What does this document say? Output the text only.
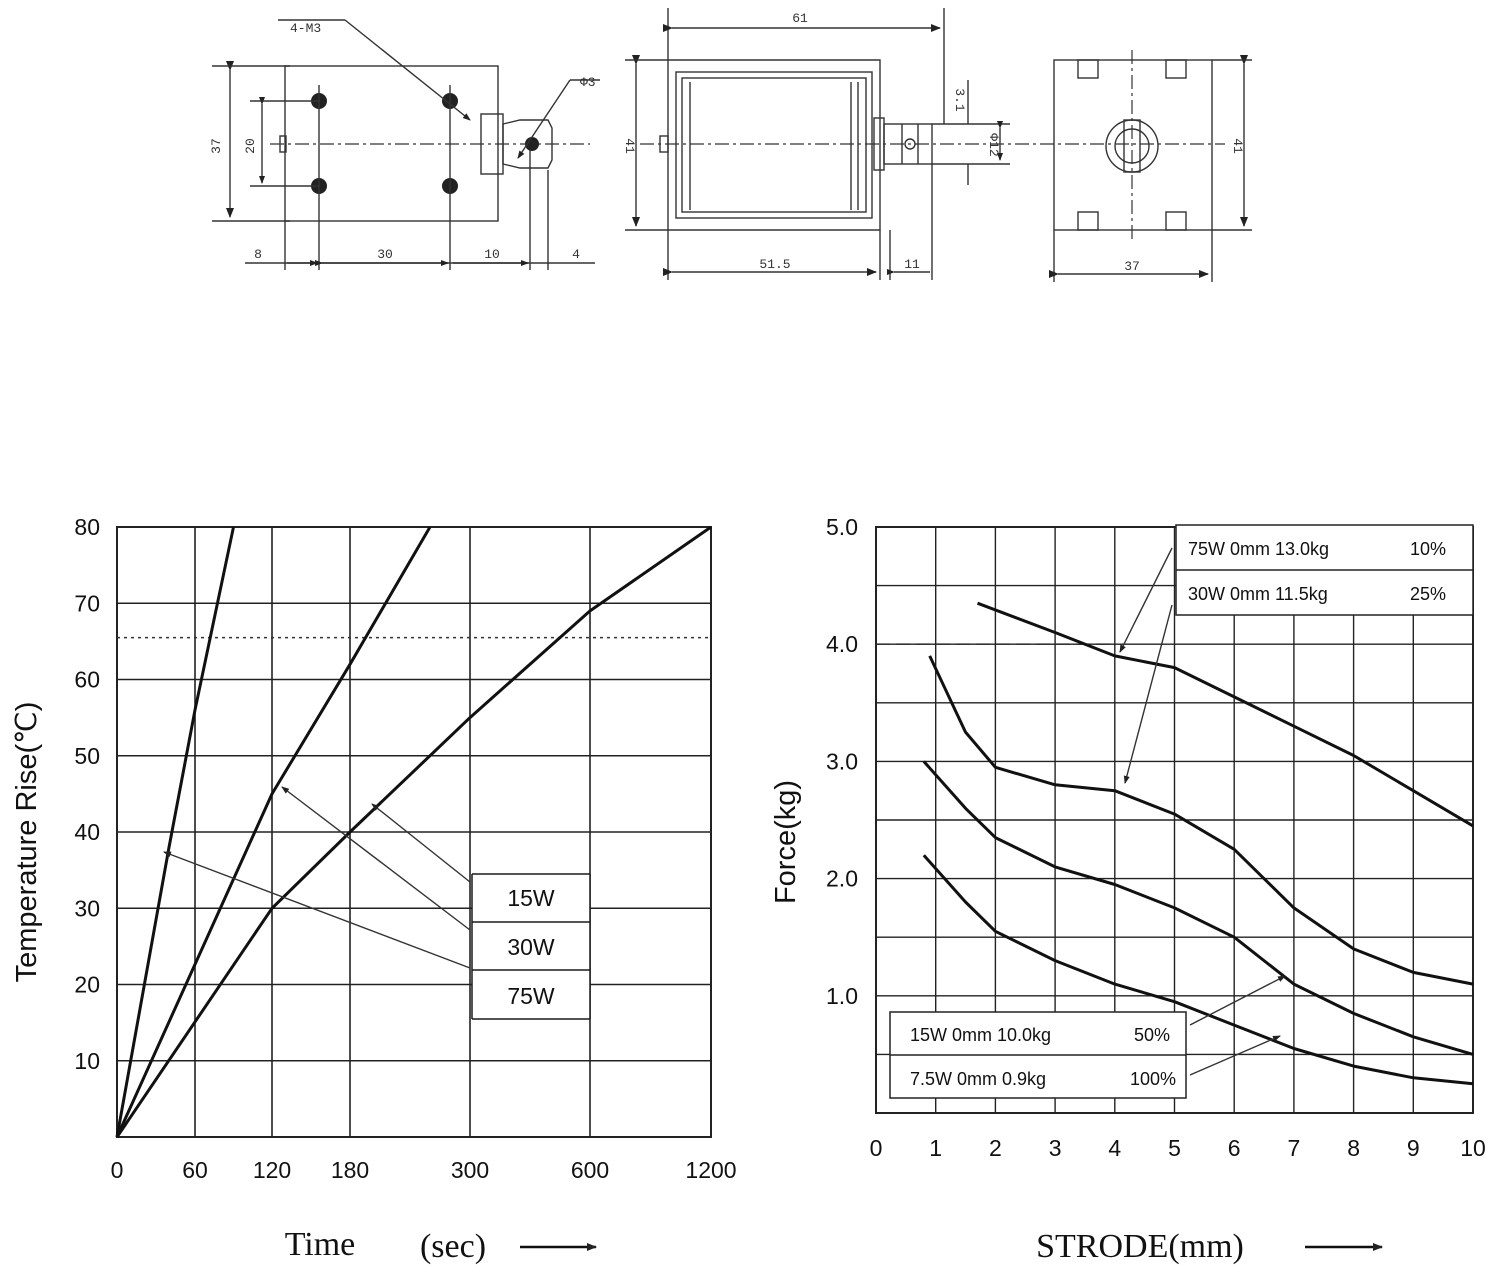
4-M3
37 20
8	30	10	4
Φ3
61
41
51.5	11
Φ12
3.1
41
37
0	60 120 180	300	600	1200
10
20
30
40
50
60
70
80
Temperature Rise(℃)
Time (sec)
15W
30W
75W
0 1 2 3 4 5 6 7 8 9 10
1.0
2.0
3.0
4.0
5.0
Force(kg)
STRODE(mm)
75W 0mm 13.0kg	10%
30W 0mm 11.5kg	25%
15W 0mm 10.0kg	50%
7.5W 0mm 0.9kg	100%
